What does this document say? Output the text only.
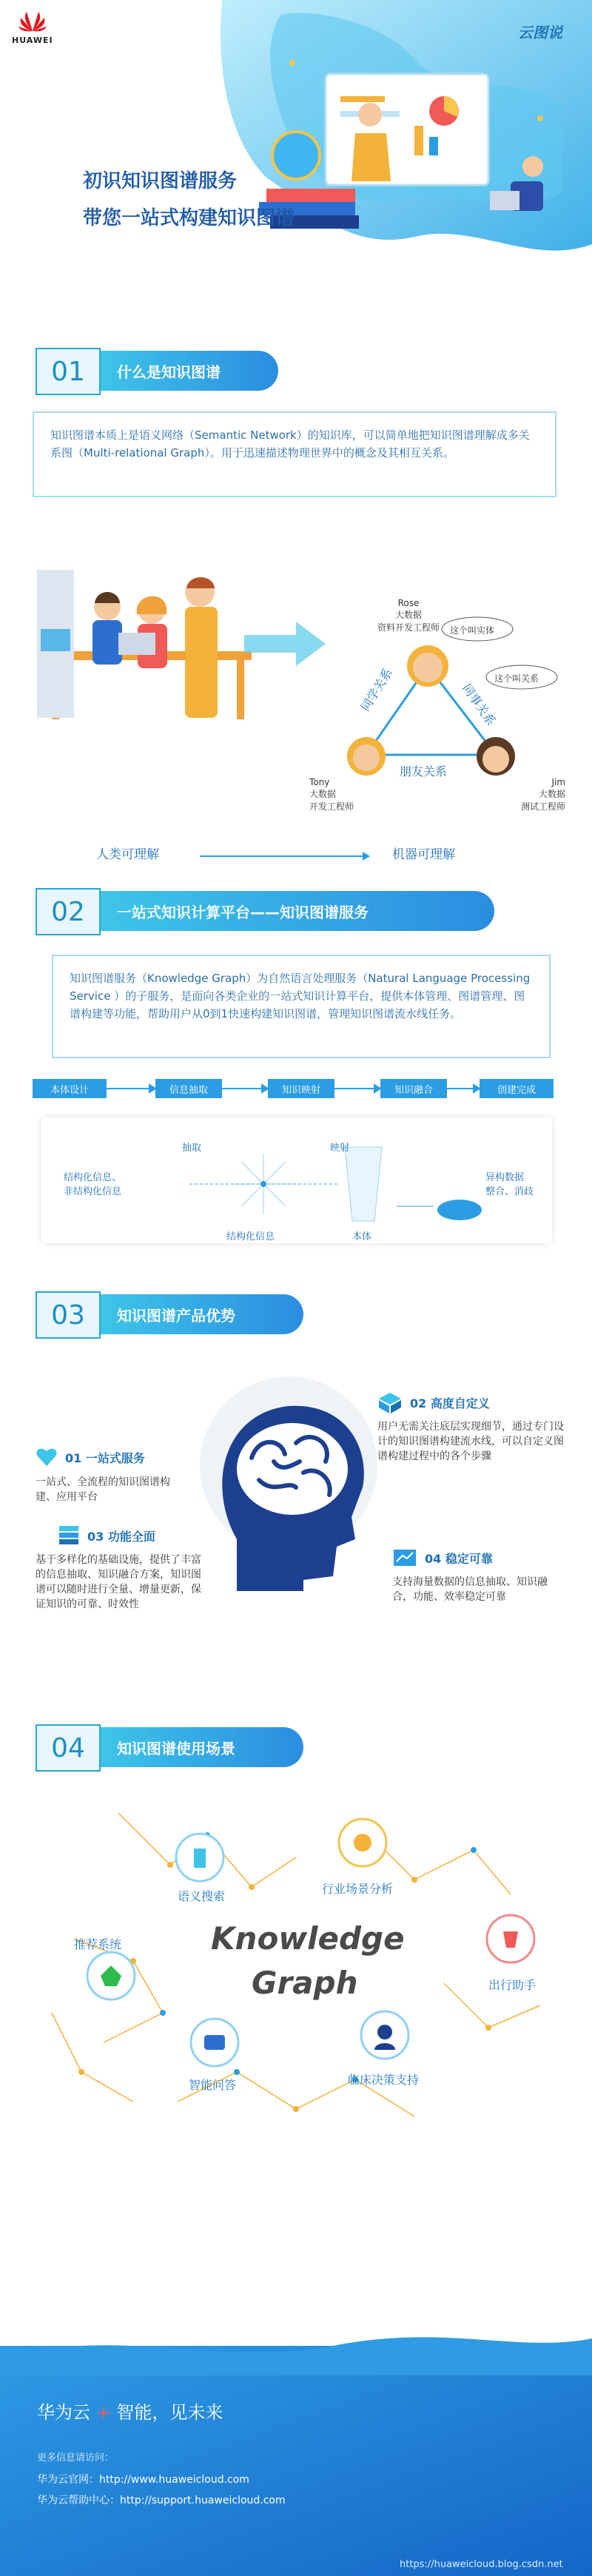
HUAWEI	云图说
初识知识图谱服务
带您一站式构建知识图谱
01	什么是知识图谱
知识图谱本质上是语义网络（Semantic Network）的知识库，可以简单地把知识图谱理解成多关系图（Multi-relational Graph）。用于迅速描述物理世界中的概念及其相互关系。
这个叫实体
这个叫关系
Rose
大数据
资料开发工程师
Tony
大数据
开发工程师
Jim
大数据
测试工程师
同学关系	同事关系
朋友关系
人类可理解	机器可理解
02	一站式知识计算平台——知识图谱服务
知识图谱服务（Knowledge Graph）为自然语言处理服务（Natural Language Processing Service ）的子服务，是面向各类企业的一站式知识计算平台，提供本体管理、图谱管理、图谱构建等功能，帮助用户从0到1快速构建知识图谱，管理知识图谱流水线任务。
本体设计	信息抽取	知识映射	知识融合	创建完成
结构化信息、
非结构化信息
抽取	映射
结构化信息	本体
异构数据
整合、消歧
03	知识图谱产品优势
01 一站式服务
一站式、全流程的知识图谱构建、应用平台
02 高度自定义
用户无需关注底层实现细节，通过专门设计的知识图谱构建流水线，可以自定义图谱构建过程中的各个步骤
03 功能全面
基于多样化的基础设施，提供了丰富的信息抽取、知识融合方案，知识图谱可以随时进行全量、增量更新，保证知识的可靠、时效性
04 稳定可靠
支持海量数据的信息抽取、知识融合，功能、效率稳定可靠
04	知识图谱使用场景
语义搜索
行业场景分析
推荐系统
出行助手
智能问答	临床决策支持
Knowledge
Graph
华为云 + 智能，见未来
更多信息请访问：
华为云官网：http://www.huaweicloud.com
华为云帮助中心：http://support.huaweicloud.com
https://huaweicloud.blog.csdn.net
